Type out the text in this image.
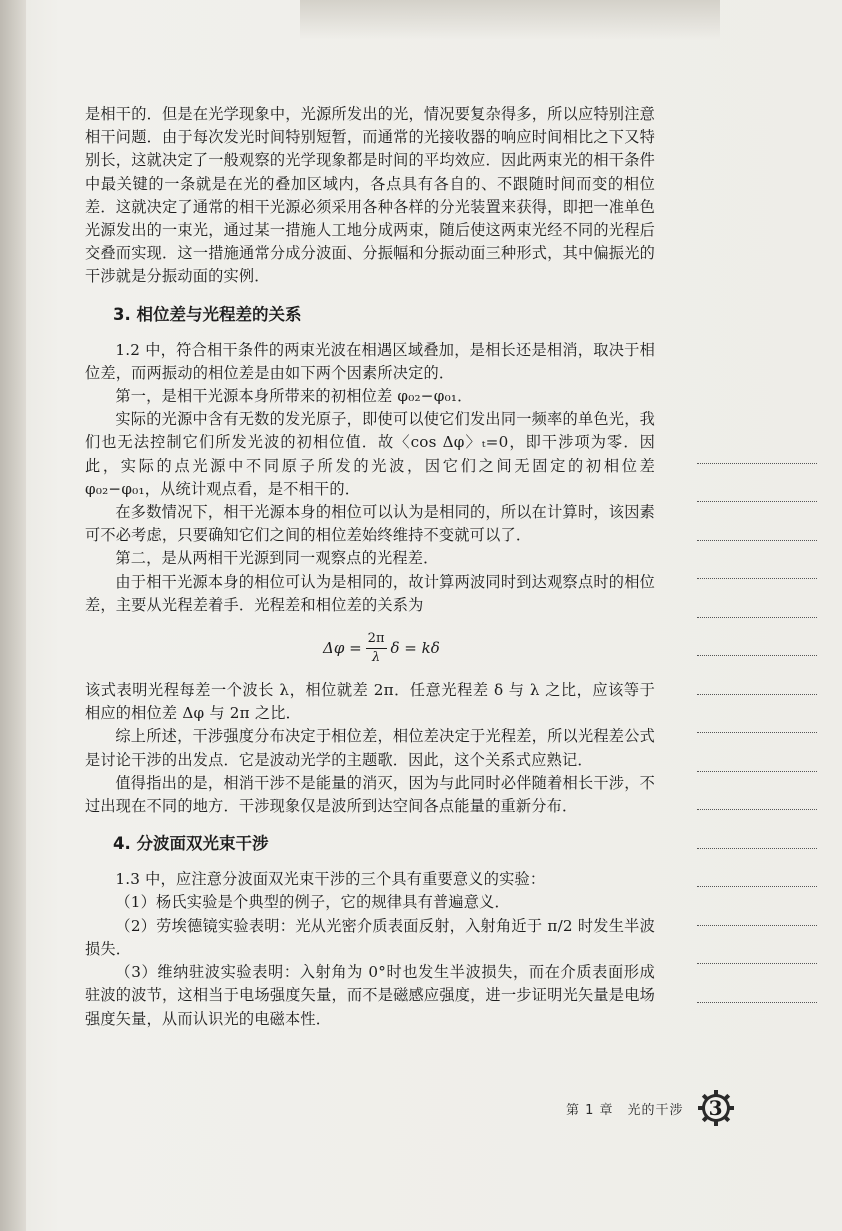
是相干的．但是在光学现象中，光源所发出的光，情况要复杂得多，所以应特别注意相干问题．由于每次发光时间特别短暂，而通常的光接收器的响应时间相比之下又特别长，这就决定了一般观察的光学现象都是时间的平均效应．因此两束光的相干条件中最关键的一条就是在光的叠加区域内，各点具有各自的、不跟随时间而变的相位差．这就决定了通常的相干光源必须采用各种各样的分光装置来获得，即把一准单色光源发出的一束光，通过某一措施人工地分成两束，随后使这两束光经不同的光程后交叠而实现．这一措施通常分成分波面、分振幅和分振动面三种形式，其中偏振光的干涉就是分振动面的实例．

3. 相位差与光程差的关系

1.2 中，符合相干条件的两束光波在相遇区域叠加，是相长还是相消，取决于相位差，而两振动的相位差是由如下两个因素所决定的．

第一，是相干光源本身所带来的初相位差 φ₀₂−φ₀₁．

实际的光源中含有无数的发光原子，即使可以使它们发出同一频率的单色光，我们也无法控制它们所发光波的初相位值．故〈cos Δφ〉ₜ=0，即干涉项为零．因此，实际的点光源中不同原子所发的光波，因它们之间无固定的初相位差 φ₀₂−φ₀₁，从统计观点看，是不相干的．

在多数情况下，相干光源本身的相位可以认为是相同的，所以在计算时，该因素可不必考虑，只要确知它们之间的相位差始终维持不变就可以了．

第二，是从两相干光源到同一观察点的光程差．

由于相干光源本身的相位可认为是相同的，故计算两波同时到达观察点时的相位差，主要从光程差着手．光程差和相位差的关系为

$\Delta\varphi = \frac{2\pi}{\lambda}$ δ = kδ

该式表明光程每差一个波长 λ，相位就差 2π．任意光程差 δ 与 λ 之比，应该等于相应的相位差 Δφ 与 2π 之比．

综上所述，干涉强度分布决定于相位差，相位差决定于光程差，所以光程差公式是讨论干涉的出发点．它是波动光学的主题歌．因此，这个关系式应熟记．

值得指出的是，相消干涉不是能量的消灭，因为与此同时必伴随着相长干涉，不过出现在不同的地方．干涉现象仅是波所到达空间各点能量的重新分布．

4. 分波面双光束干涉

1.3 中，应注意分波面双光束干涉的三个具有重要意义的实验：

（1）杨氏实验是个典型的例子，它的规律具有普遍意义．

（2）劳埃德镜实验表明：光从光密介质表面反射，入射角近于 π/2 时发生半波损失．

（3）维纳驻波实验表明：入射角为 0°时也发生半波损失，而在介质表面形成驻波的波节，这相当于电场强度矢量，而不是磁感应强度，进一步证明光矢量是电场强度矢量，从而认识光的电磁本性．

第 1 章　光的干涉	3
